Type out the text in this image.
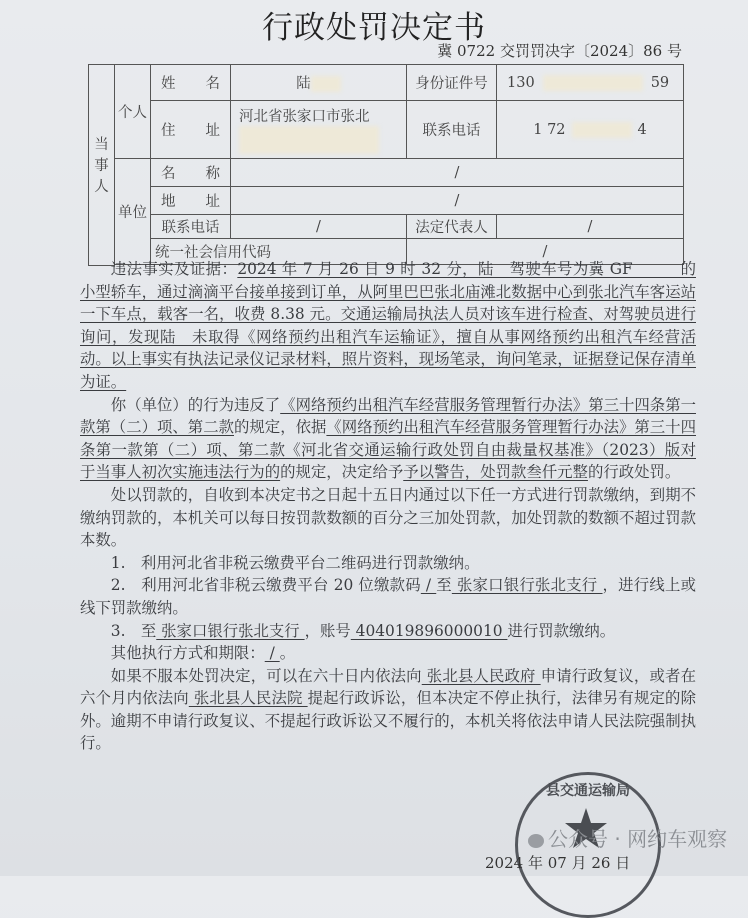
行政处罚决定书
冀 0722 交罚罚决字〔2024〕86 号
当事人	个人	姓　　名	陆	身份证件号	130 59
		住　　址	河北省张家口市张北	联系电话	1 72 4
	单位	名　　称	/		
		地　　址	/		
		联系电话	/	法定代表人	/
		统一社会信用代码		/	

违法事实及证据：2024 年 7 月 26 日 9 时 32 分，陆　驾驶车号为冀 GF　　　的小型轿车，通过滴滴平台接单接到订单，从阿里巴巴张北庙滩北数据中心到张北汽车客运站一下车点，载客一名，收费 8.38 元。交通运输局执法人员对该车进行检查、对驾驶员进行询问，发现陆　未取得《网络预约出租汽车运输证》，擅自从事网络预约出租汽车经营活动。以上事实有执法记录仪记录材料，照片资料，现场笔录，询问笔录，证据登记保存清单为证。

你（单位）的行为违反了《网络预约出租汽车经营服务管理暂行办法》第三十四条第一款第（二）项、第二款的规定，依据《网络预约出租汽车经营服务管理暂行办法》第三十四条第一款第（二）项、第二款《河北省交通运输行政处罚自由裁量权基准》（2023）版对于当事人初次实施违法行为的的规定，决定给予予以警告，处罚款叁仟元整的行政处罚。

处以罚款的，自收到本决定书之日起十五日内通过以下任一方式进行罚款缴纳，到期不缴纳罚款的，本机关可以每日按罚款数额的百分之三加处罚款，加处罚款的数额不超过罚款本数。

1.　利用河北省非税云缴费平台二维码进行罚款缴纳。

2.　利用河北省非税云缴费平台 20 位缴款码 / 至 张家口银行张北支行 ，进行线上或线下罚款缴纳。

3.　至 张家口银行张北支行 ，账号 404019896000010 进行罚款缴纳。

其他执行方式和期限： / 。

如果不服本处罚决定，可以在六十日内依法向 张北县人民政府 申请行政复议，或者在六个月内依法向 张北县人民法院 提起行政诉讼，但本决定不停止执行，法律另有规定的除外。逾期不申请行政复议、不提起行政诉讼又不履行的，本机关将依法申请人民法院强制执行。

县交通运输局
公众号 · 网约车观察
2024 年 07 月 26 日
